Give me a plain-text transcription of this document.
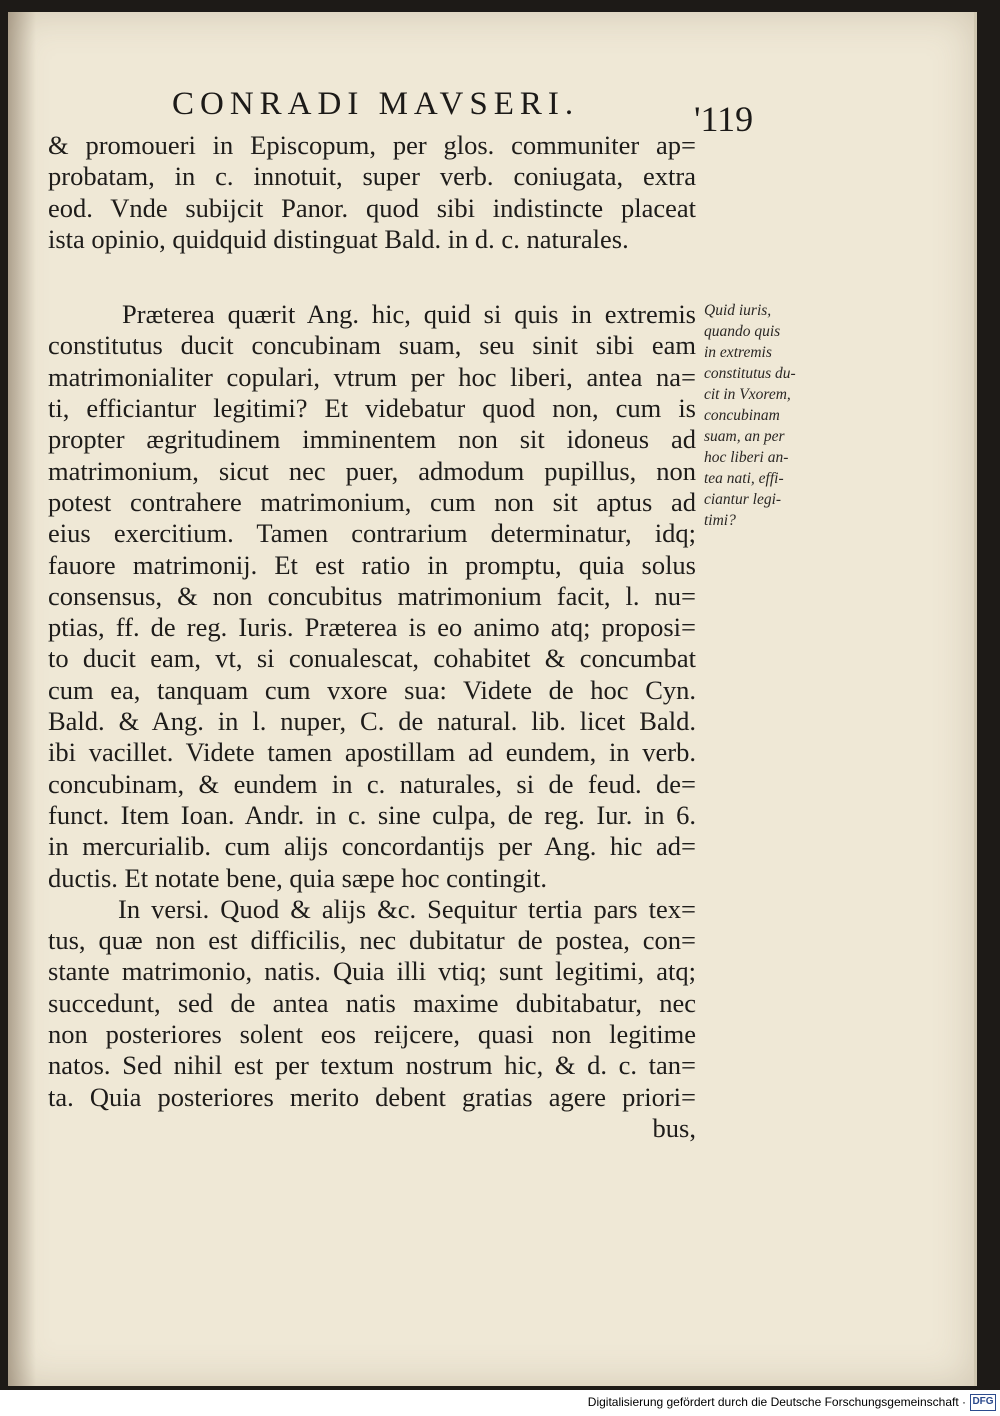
CONRADI MAVSERI.	'119
& promoueri in Episcopum, per glos. communiter ap=
probatam, in c. innotuit, super verb. coniugata, extra
eod. Vnde subijcit Panor. quod sibi indistincte placeat
ista opinio, quidquid distinguat Bald. in d. c. naturales.
Præterea quærit Ang. hic, quid si quis in extremis
constitutus ducit concubinam suam, seu sinit sibi eam
matrimonialiter copulari, vtrum per hoc liberi, antea na=
ti, efficiantur legitimi? Et videbatur quod non, cum is
propter ægritudinem imminentem non sit idoneus ad
matrimonium, sicut nec puer, admodum pupillus, non
potest contrahere matrimonium, cum non sit aptus ad
eius exercitium. Tamen contrarium determinatur, idq;
fauore matrimonij. Et est ratio in promptu, quia solus
consensus, & non concubitus matrimonium facit, l. nu=
ptias, ff. de reg. Iuris. Præterea is eo animo atq; proposi=
to ducit eam, vt, si conualescat, cohabitet & concumbat
cum ea, tanquam cum vxore sua: Videte de hoc Cyn.
Bald. & Ang. in l. nuper, C. de natural. lib. licet Bald.
ibi vacillet. Videte tamen apostillam ad eundem, in verb.
concubinam, & eundem in c. naturales, si de feud. de=
funct. Item Ioan. Andr. in c. sine culpa, de reg. Iur. in 6.
in mercurialib. cum alijs concordantijs per Ang. hic ad=
ductis. Et notate bene, quia sæpe hoc contingit.
In versi. Quod & alijs &c. Sequitur tertia pars tex=
tus, quæ non est difficilis, nec dubitatur de postea, con=
stante matrimonio, natis. Quia illi vtiq; sunt legitimi, atq;
succedunt, sed de antea natis maxime dubitabatur, nec
non posteriores solent eos reijcere, quasi non legitime
natos. Sed nihil est per textum nostrum hic, & d. c. tan=
ta. Quia posteriores merito debent gratias agere priori=
bus,
Quid iuris,
quando quis
in extremis
constitutus du-
cit in Vxorem,
concubinam
suam, an per
hoc liberi an-
tea nati, effi-
ciantur legi-
timi?
Digitalisierung gefördert durch die Deutsche Forschungsgemeinschaft · DFG
